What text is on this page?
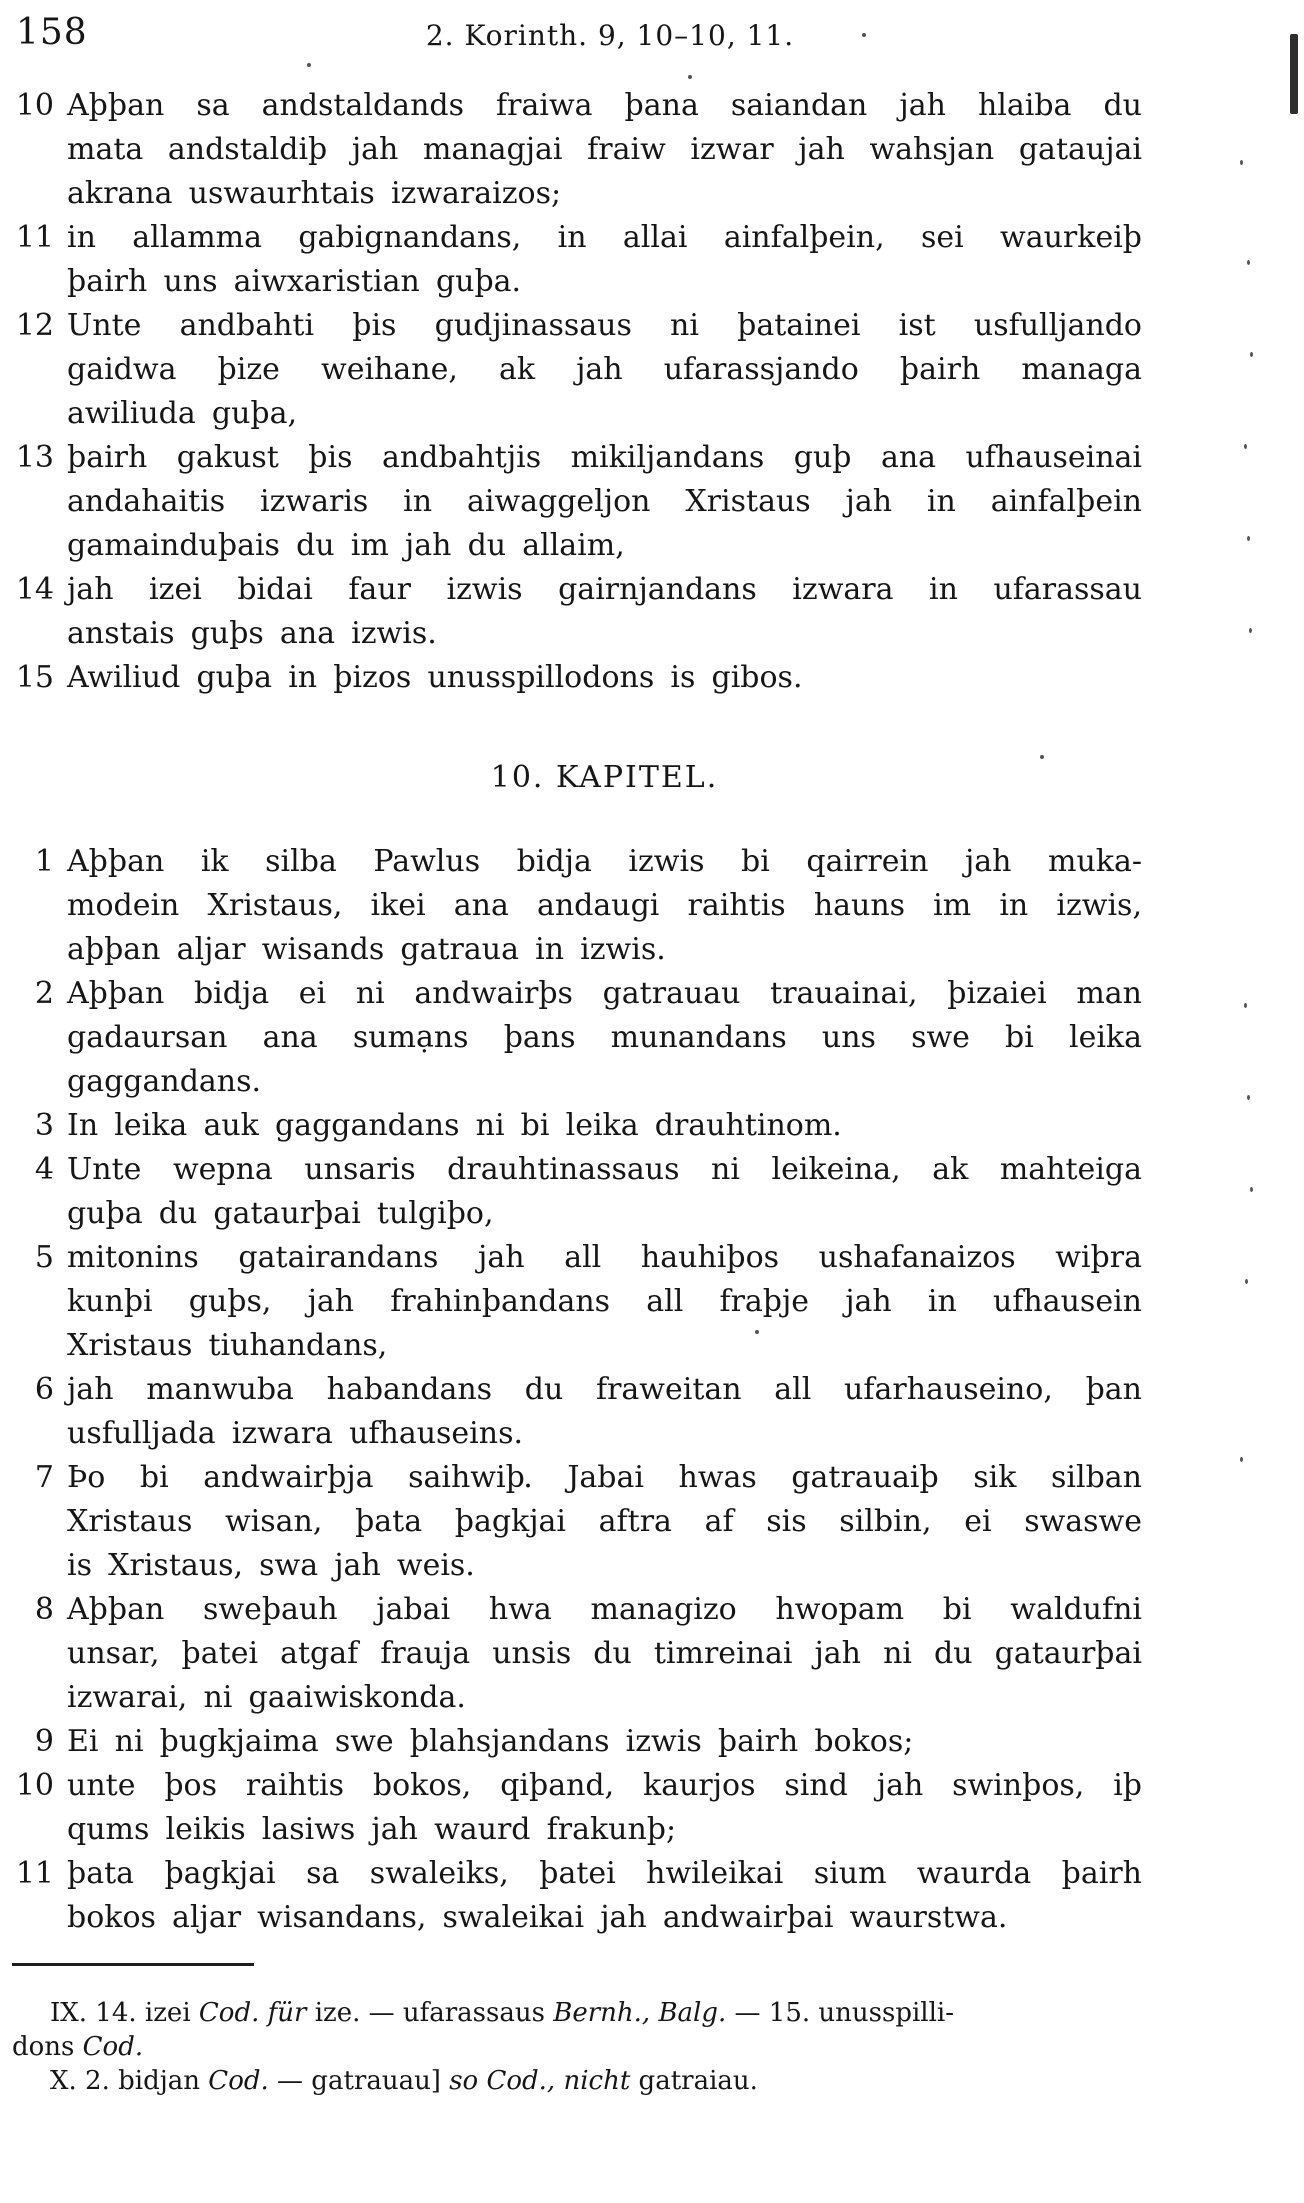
158	2. Korinth. 9, 10–10, 11.
10 Aþþan sa andstaldands fraiwa þana saiandan jah hlaiba du
mata andstaldiþ jah managjai fraiw izwar jah wahsjan gataujai
akrana uswaurhtais izwaraizos;
11 in allamma gabignandans, in allai ainfalþein, sei waurkeiþ
þairh uns aiwxaristian guþa.
12 Unte andbahti þis gudjinassaus ni þatainei ist usfulljando
gaidwa þize weihane, ak jah ufarassjando þairh managa
awiliuda guþa,
13 þairh gakust þis andbahtjis mikiljandans guþ ana ufhauseinai
andahaitis izwaris in aiwaggeljon Xristaus jah in ainfalþein
gamainduþais du im jah du allaim,
14 jah izei bidai faur izwis gairnjandans izwara in ufarassau
anstais guþs ana izwis.
15 Awiliud guþa in þizos unusspillodons is gibos.
10. KAPITEL.
1 Aþþan ik silba Pawlus bidja izwis bi qairrein jah muka-
modein Xristaus, ikei ana andaugi raihtis hauns im in izwis,
aþþan aljar wisands gatraua in izwis.
2 Aþþan bidja ei ni andwairþs gatrauau trauainai, þizaiei man
gadaursan ana sumạns þans munandans uns swe bi leika
gaggandans.
3 In leika auk gaggandans ni bi leika drauhtinom.
4 Unte wepna unsaris drauhtinassaus ni leikeina, ak mahteiga
guþa du gataurþai tulgiþo,
5 mitonins gatairandans jah all hauhiþos ushafanaizos wiþra
kunþi guþs, jah frahinþandans all fraþje jah in ufhausein
Xristaus tiuhandans,
6 jah manwuba habandans du fraweitan all ufarhauseino, þan
usfulljada izwara ufhauseins.
7 Þo bi andwairþja saihwiþ. Jabai hwas gatrauaiþ sik silban
Xristaus wisan, þata þagkjai aftra af sis silbin, ei swaswe
is Xristaus, swa jah weis.
8 Aþþan sweþauh jabai hwa managizo hwopam bi waldufni
unsar, þatei atgaf frauja unsis du timreinai jah ni du gataurþai
izwarai, ni gaaiwiskonda.
9 Ei ni þugkjaima swe þlahsjandans izwis þairh bokos;
10 unte þos raihtis bokos, qiþand, kaurjos sind jah swinþos, iþ
qums leikis lasiws jah waurd frakunþ;
11 þata þagkjai sa swaleiks, þatei hwileikai sium waurda þairh
bokos aljar wisandans, swaleikai jah andwairþai waurstwa.
IX. 14. izei Cod. für ize. — ufarassaus Bernh., Balg. — 15. unusspilli-
dons Cod.
X. 2. bidjan Cod. — gatrauau] so Cod., nicht gatraiau.
